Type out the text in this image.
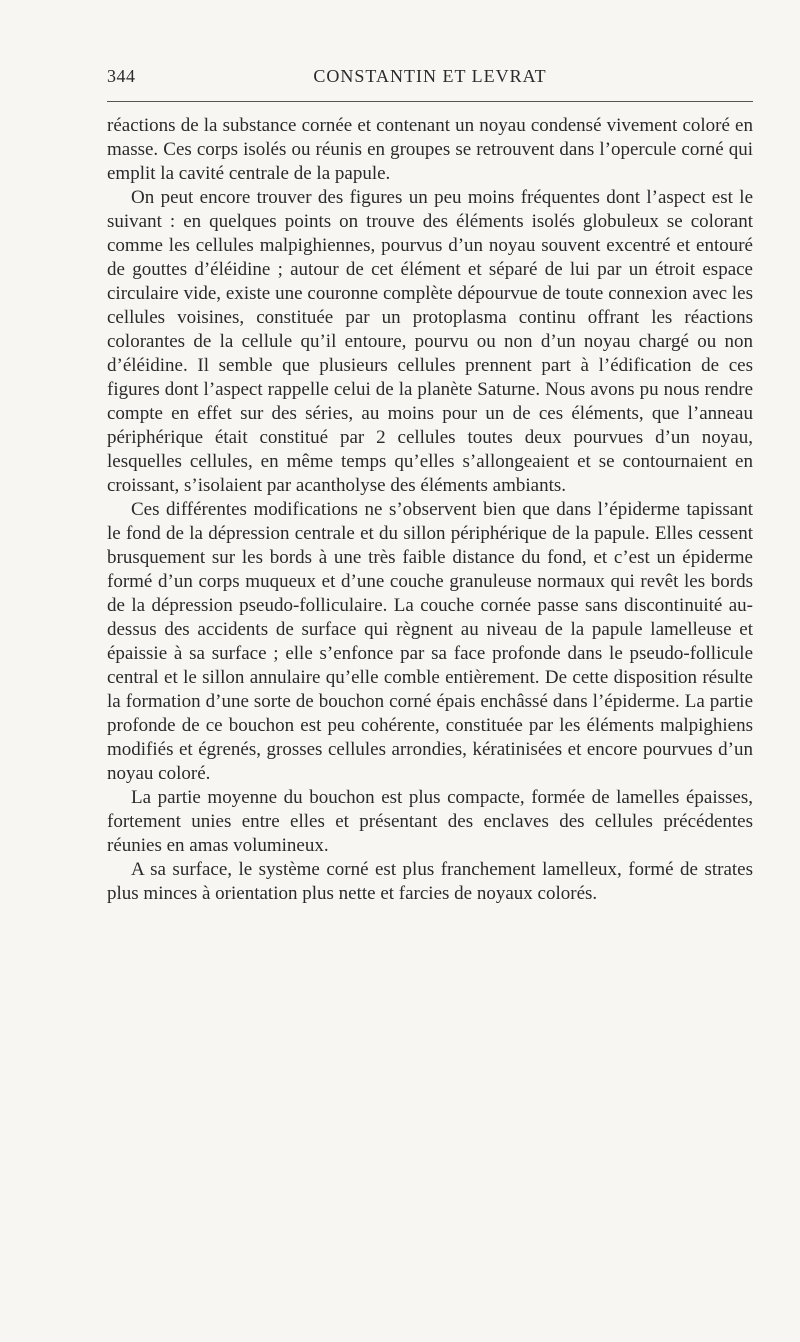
344	CONSTANTIN ET LEVRAT

réactions de la substance cornée et contenant un noyau condensé vivement coloré en masse. Ces corps isolés ou réunis en groupes se retrouvent dans l’opercule corné qui emplit la cavité centrale de la papule.

On peut encore trouver des figures un peu moins fréquentes dont l’aspect est le suivant : en quelques points on trouve des éléments isolés globuleux se colorant comme les cellules malpighiennes, pourvus d’un noyau souvent excentré et entouré de gouttes d’éléidine ; autour de cet élément et séparé de lui par un étroit espace circulaire vide, existe une couronne complète dépourvue de toute connexion avec les cellules voisines, constituée par un protoplasma continu offrant les réactions colorantes de la cellule qu’il entoure, pourvu ou non d’un noyau chargé ou non d’éléidine. Il semble que plusieurs cellules prennent part à l’édification de ces figures dont l’aspect rappelle celui de la planète Saturne. Nous avons pu nous rendre compte en effet sur des séries, au moins pour un de ces éléments, que l’anneau périphérique était constitué par 2 cellules toutes deux pourvues d’un noyau, lesquelles cellules, en même temps qu’elles s’allongeaient et se contournaient en croissant, s’isolaient par acantholyse des éléments ambiants.

Ces différentes modifications ne s’observent bien que dans l’épiderme tapissant le fond de la dépression centrale et du sillon périphérique de la papule. Elles cessent brusquement sur les bords à une très faible distance du fond, et c’est un épiderme formé d’un corps muqueux et d’une couche granuleuse normaux qui revêt les bords de la dépression pseudo-folliculaire. La couche cornée passe sans discontinuité au-dessus des accidents de surface qui règnent au niveau de la papule lamelleuse et épaissie à sa surface ; elle s’enfonce par sa face profonde dans le pseudo-follicule central et le sillon annulaire qu’elle comble entièrement. De cette disposition résulte la formation d’une sorte de bouchon corné épais enchâssé dans l’épiderme. La partie profonde de ce bouchon est peu cohérente, constituée par les éléments malpighiens modifiés et égrenés, grosses cellules arrondies, kératinisées et encore pourvues d’un noyau coloré.

La partie moyenne du bouchon est plus compacte, formée de lamelles épaisses, fortement unies entre elles et présentant des enclaves des cellules précédentes réunies en amas volumineux.

A sa surface, le système corné est plus franchement lamelleux, formé de strates plus minces à orientation plus nette et farcies de noyaux colorés.
